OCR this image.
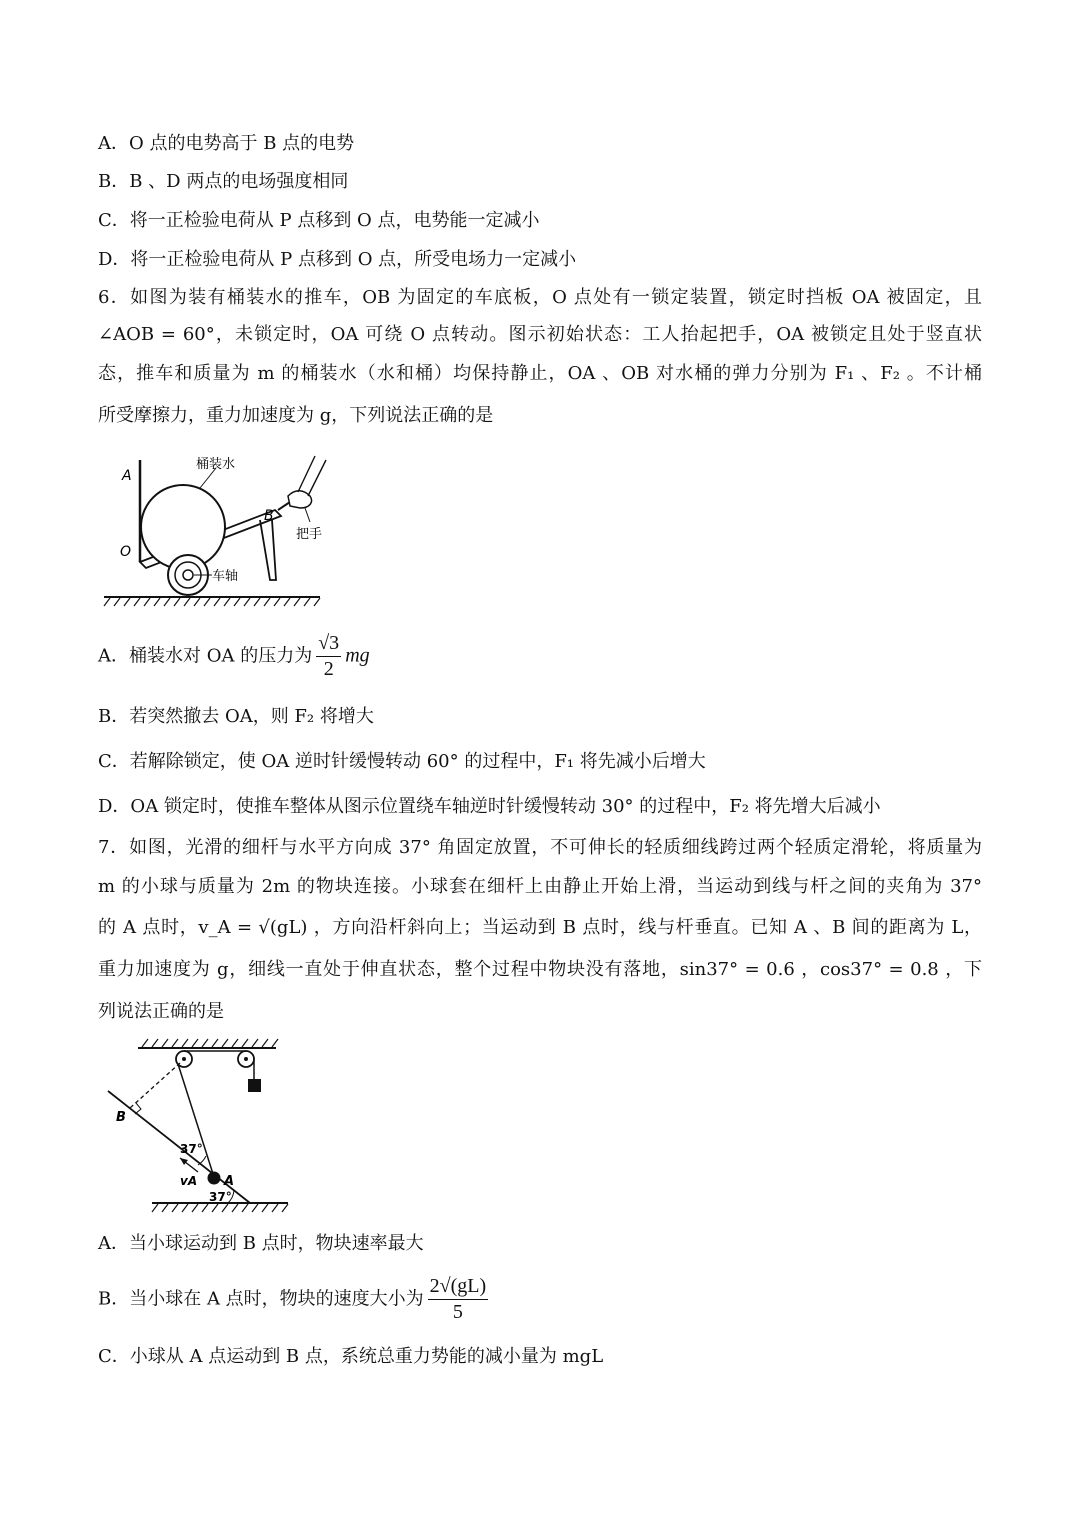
A．O 点的电势高于 B 点的电势
B．B 、D 两点的电场强度相同
C．将一正检验电荷从 P 点移到 O 点，电势能一定减小
D．将一正检验电荷从 P 点移到 O 点，所受电场力一定减小
6．如图为装有桶装水的推车，OB 为固定的车底板，O 点处有一锁定装置，锁定时挡板 OA 被固定，且
∠AOB = 60°，未锁定时，OA 可绕 O 点转动。图示初始状态：工人抬起把手，OA 被锁定且处于竖直状
态，推车和质量为 m 的桶装水（水和桶）均保持静止，OA 、OB 对水桶的弹力分别为 F₁ 、F₂ 。不计桶
所受摩擦力，重力加速度为 g，下列说法正确的是
A
B
O
桶装水
把手
车轴
A．桶装水对 OA 的压力为 $\frac{√3}{2}$ mg
B．若突然撤去 OA，则 F₂ 将增大
C．若解除锁定，使 OA 逆时针缓慢转动 60° 的过程中，F₁ 将先减小后增大
D．OA 锁定时，使推车整体从图示位置绕车轴逆时针缓慢转动 30° 的过程中，F₂ 将先增大后减小
7．如图，光滑的细杆与水平方向成 37° 角固定放置，不可伸长的轻质细线跨过两个轻质定滑轮，将质量为
m 的小球与质量为 2m 的物块连接。小球套在细杆上由静止开始上滑，当运动到线与杆之间的夹角为 37°
的 A 点时，v_A = √(gL) ，方向沿杆斜向上；当运动到 B 点时，线与杆垂直。已知 A 、B 间的距离为 L，
重力加速度为 g，细线一直处于伸直状态，整个过程中物块没有落地，sin37° = 0.6 ，cos37° = 0.8 ，下
列说法正确的是
B
A
37°
37°
vA
A．当小球运动到 B 点时，物块速率最大
B．当小球在 A 点时，物块的速度大小为 $\frac{2√(gL)}{5}$
C．小球从 A 点运动到 B 点，系统总重力势能的减小量为 mgL
